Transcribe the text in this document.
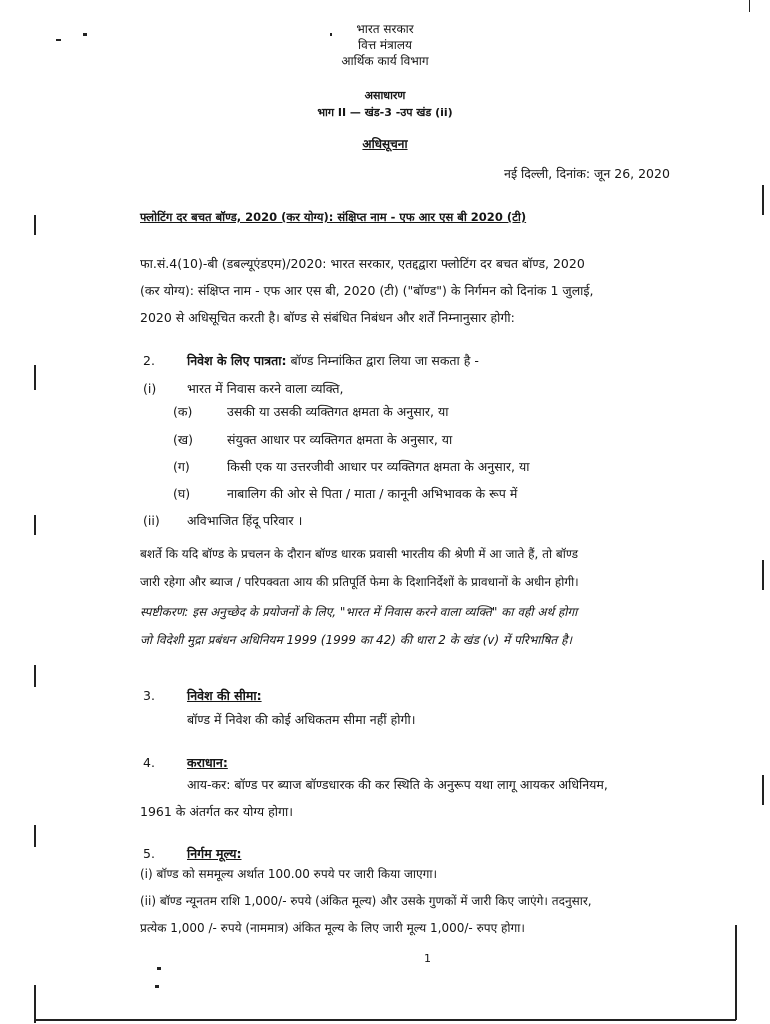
भारत सरकार
वित्त मंत्रालय
आर्थिक कार्य विभाग
असाधारण
भाग II — खंड-3 -उप खंड (ii)
अधिसूचना
नई दिल्ली, दिनांक: जून 26, 2020
फ्लोटिंग दर बचत बॉण्ड, 2020 (कर योग्य): संक्षिप्त नाम - एफ आर एस बी 2020 (टी)
फा.सं.4(10)-बी (डबल्यूएंडएम)/2020: भारत सरकार, एतद्दद्वारा फ्लोटिंग दर बचत बॉण्ड, 2020
(कर योग्य): संक्षिप्त नाम - एफ आर एस बी, 2020 (टी) ("बॉण्ड") के निर्गमन को दिनांक 1 जुलाई,
2020 से अधिसूचित करती है। बॉण्ड से संबंधित निबंधन और शर्तें निम्नानुसार होगी:
2.	निवेश के लिए पात्रता: बॉण्ड निम्नांकित द्वारा लिया जा सकता है -
(i) भारत में निवास करने वाला व्यक्ति,
(क)	उसकी या उसकी व्यक्तिगत क्षमता के अनुसार, या
(ख)	संयुक्त आधार पर व्यक्तिगत क्षमता के अनुसार, या
(ग)	किसी एक या उत्तरजीवी आधार पर व्यक्तिगत क्षमता के अनुसार, या
(घ)	नाबालिग की ओर से पिता / माता / कानूनी अभिभावक के रूप में
(ii) अविभाजित हिंदू परिवार ।
बशर्ते कि यदि बॉण्ड के प्रचलन के दौरान बॉण्ड धारक प्रवासी भारतीय की श्रेणी में आ जाते हैं, तो बॉण्ड
जारी रहेगा और ब्याज / परिपक्वता आय की प्रतिपूर्ति फेमा के दिशानिर्देशों के प्रावधानों के अधीन होगी।
स्पष्टीकरण: इस अनुच्छेद के प्रयोजनों के लिए, "भारत में निवास करने वाला व्यक्ति" का वही अर्थ होगा
जो विदेशी मुद्रा प्रबंधन अधिनियम 1999 (1999 का 42) की धारा 2 के खंड (v) में परिभाषित है।
3.	निवेश की सीमा:
बॉण्ड में निवेश की कोई अधिकतम सीमा नहीं होगी।
4.	कराधान:
आय-कर: बॉण्ड पर ब्याज बॉण्डधारक की कर स्थिति के अनुरूप यथा लागू आयकर अधिनियम,
1961 के अंतर्गत कर योग्य होगा।
5.	निर्गम मूल्य:
(i) बॉण्ड को सममूल्य अर्थात 100.00 रुपये पर जारी किया जाएगा।
(ii) बॉण्ड न्यूनतम राशि 1,000/- रुपये (अंकित मूल्य) और उसके गुणकों में जारी किए जाएंगे। तदनुसार,
प्रत्येक 1,000 /- रुपये (नाममात्र) अंकित मूल्य के लिए जारी मूल्य 1,000/- रुपए होगा।
1
